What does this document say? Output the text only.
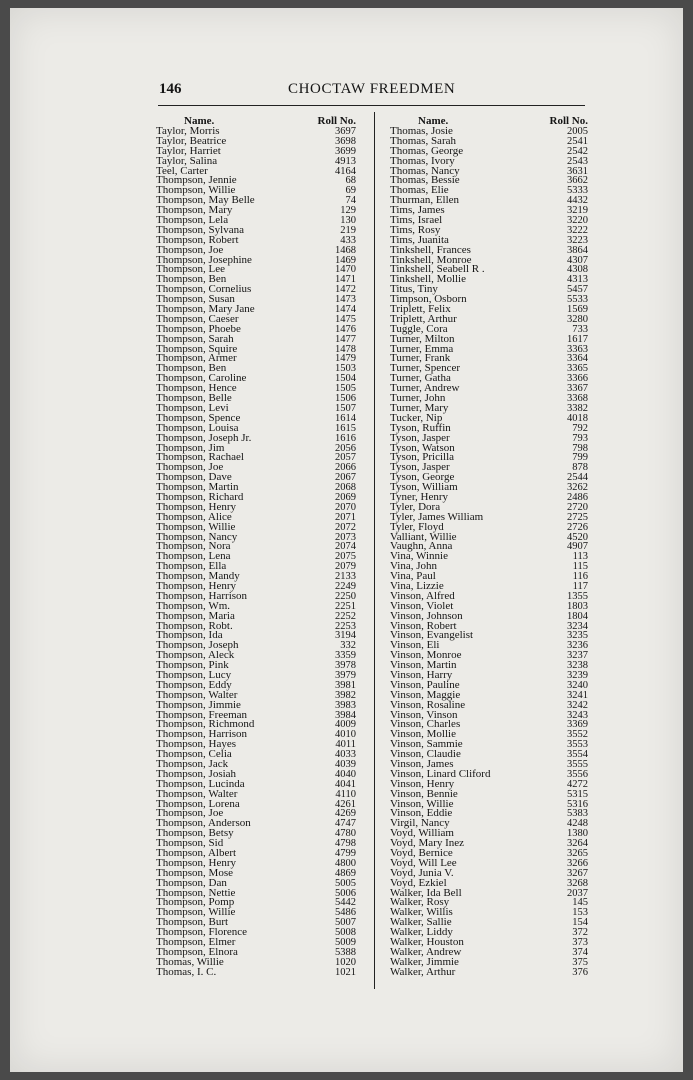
146	CHOCTAW FREEDMEN
Name.	Roll No.
Taylor, Morris	3697
Taylor, Beatrice	3698
Taylor, Harriet	3699
Taylor, Salina	4913
Teel, Carter	4164
Thompson, Jennie	68
Thompson, Willie	69
Thompson, May Belle	74
Thompson, Mary	129
Thompson, Lela	130
Thompson, Sylvana	219
Thompson, Robert	433
Thompson, Joe	1468
Thompson, Josephine	1469
Thompson, Lee	1470
Thompson, Ben	1471
Thompson, Cornelius	1472
Thompson, Susan	1473
Thompson, Mary Jane	1474
Thompson, Caeser	1475
Thompson, Phoebe	1476
Thompson, Sarah	1477
Thompson, Squire	1478
Thompson, Armer	1479
Thompson, Ben	1503
Thompson, Caroline	1504
Thompson, Hence	1505
Thompson, Belle	1506
Thompson, Levi	1507
Thompson, Spence	1614
Thompson, Louisa	1615
Thompson, Joseph Jr.	1616
Thompson, Jim	2056
Thompson, Rachael	2057
Thompson, Joe	2066
Thompson, Dave	2067
Thompson, Martin	2068
Thompson, Richard	2069
Thompson, Henry	2070
Thompson, Alice	2071
Thompson, Willie	2072
Thompson, Nancy	2073
Thompson, Nora	2074
Thompson, Lena	2075
Thompson, Ella	2079
Thompson, Mandy	2133
Thompson, Henry	2249
Thompson, Harrison	2250
Thompson, Wm.	2251
Thompson, Maria	2252
Thompson, Robt.	2253
Thompson, Ida	3194
Thompson, Joseph	332
Thompson, Aleck	3359
Thompson, Pink	3978
Thompson, Lucy	3979
Thompson, Eddy	3981
Thompson, Walter	3982
Thompson, Jimmie	3983
Thompson, Freeman	3984
Thompson, Richmond	4009
Thompson, Harrison	4010
Thompson, Hayes	4011
Thompson, Celia	4033
Thompson, Jack	4039
Thompson, Josiah	4040
Thompson, Lucinda	4041
Thompson, Walter	4110
Thompson, Lorena	4261
Thompson, Joe	4269
Thompson, Anderson	4747
Thompson, Betsy	4780
Thompson, Sid	4798
Thompson, Albert	4799
Thompson, Henry	4800
Thompson, Mose	4869
Thompson, Dan	5005
Thompson, Nettie	5006
Thompson, Pomp	5442
Thompson, Willie	5486
Thompson, Burt	5007
Thompson, Florence	5008
Thompson, Elmer	5009
Thompson, Elnora	5388
Thomas, Willie	1020
Thomas, I. C.	1021
Name.	Roll No.
Thomas, Josie	2005
Thomas, Sarah	2541
Thomas, George	2542
Thomas, Ivory	2543
Thomas, Nancy	3631
Thomas, Bessie	3662
Thomas, Elie	5333
Thurman, Ellen	4432
Tims, James	3219
Tims, Israel	3220
Tims, Rosy	3222
Tims, Juanita	3223
Tinkshell, Frances	3864
Tinkshell, Monroe	4307
Tinkshell, Seabell R .	4308
Tinkshell, Mollie	4313
Titus, Tiny	5457
Timpson, Osborn	5533
Triplett, Felix	1569
Triplett, Arthur	3280
Tuggle, Cora	733
Turner, Milton	1617
Turner, Emma	3363
Turner, Frank	3364
Turner, Spencer	3365
Turner, Gatha	3366
Turner, Andrew	3367
Turner, John	3368
Turner, Mary	3382
Tucker, Nip	4018
Tyson, Ruffin	792
Tyson, Jasper	793
Tyson, Watson	798
Tyson, Pricilla	799
Tyson, Jasper	878
Tyson, George	2544
Tyson, William	3262
Tyner, Henry	2486
Tyler, Dora	2720
Tyler, James William	2725
Tyler, Floyd	2726
Valliant, Willie	4520
Vaughn, Anna	4907
Vina, Winnie	113
Vina, John	115
Vina, Paul	116
Vina, Lizzie	117
Vinson, Alfred	1355
Vinson, Violet	1803
Vinson, Johnson	1804
Vinson, Robert	3234
Vinson, Evangelist	3235
Vinson, Eli	3236
Vinson, Monroe	3237
Vinson, Martin	3238
Vinson, Harry	3239
Vinson, Pauline	3240
Vinson, Maggie	3241
Vinson, Rosaline	3242
Vinson, Vinson	3243
Vinson, Charles	3369
Vinson, Mollie	3552
Vinson, Sammie	3553
Vinson, Claudie	3554
Vinson, James	3555
Vinson, Linard Cliford	3556
Vinson, Henry	4272
Vinson, Bennie	5315
Vinson, Willie	5316
Vinson, Eddie	5383
Virgil, Nancy	4248
Voyd, William	1380
Voyd, Mary Inez	3264
Voyd, Bernice	3265
Voyd, Will Lee	3266
Voyd, Junia V.	3267
Voyd, Ezkiel	3268
Walker, Ida Bell	2037
Walker, Rosy	145
Walker, Willis	153
Walker, Sallie	154
Walker, Liddy	372
Walker, Houston	373
Walker, Andrew	374
Walker, Jimmie	375
Walker, Arthur	376
